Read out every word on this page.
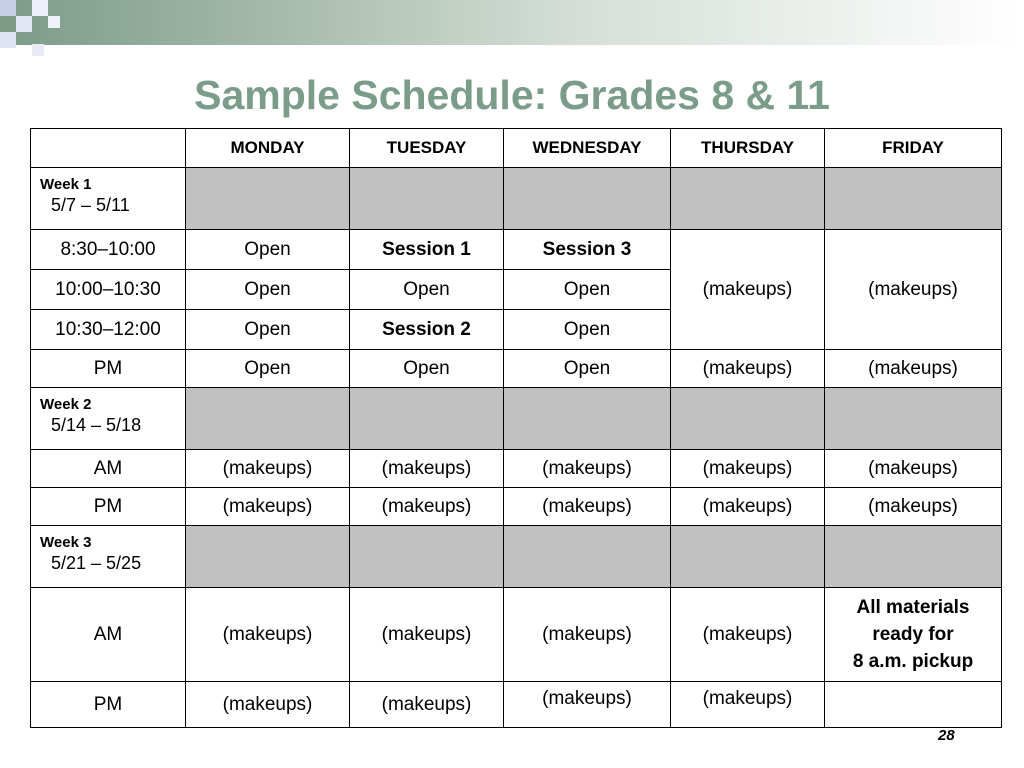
Sample Schedule: Grades 8 & 11
	MONDAY	TUESDAY	WEDNESDAY	THURSDAY	FRIDAY

Week 1
5/7 – 5/11					

8:30–10:00	Open	Session 1	Session 3	(makeups)	(makeups)
10:00–10:30	Open	Open	Open		
10:30–12:00	Open	Session 2	Open		
PM	Open	Open	Open	(makeups)	(makeups)

Week 2
5/14 – 5/18					

AM	(makeups)	(makeups)	(makeups)	(makeups)	(makeups)
PM	(makeups)	(makeups)	(makeups)	(makeups)	(makeups)

Week 3
5/21 – 5/25					

AM	(makeups)	(makeups)	(makeups)	(makeups)	All materials
ready for
8 a.m. pickup

PM	(makeups)	(makeups)	(makeups)	(makeups)	
28
